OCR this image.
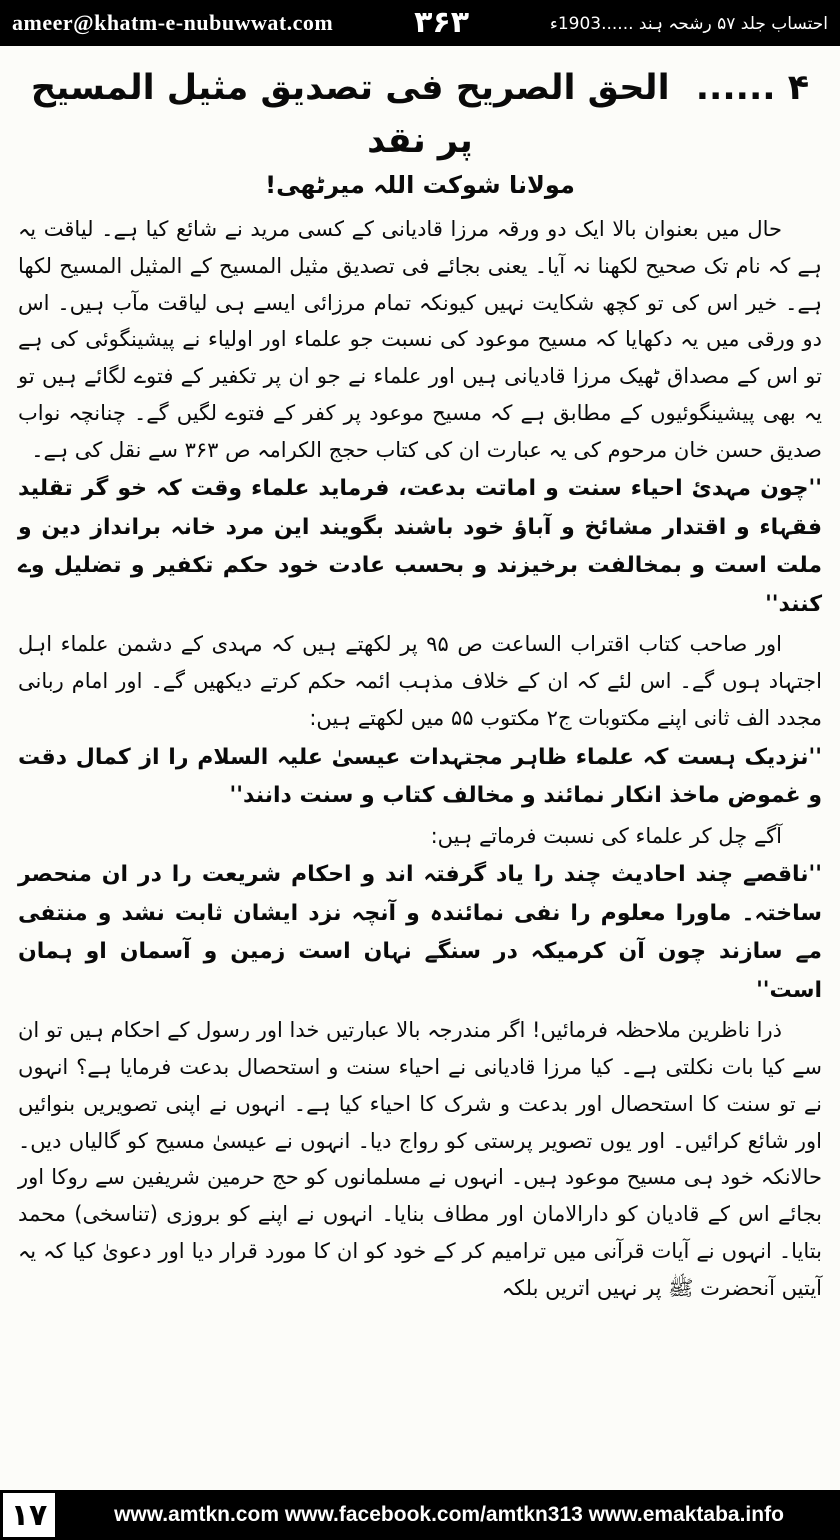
ameer@khatm-e-nubuwwat.com	۳۶۳	احتساب جلد ۵۷ رشحہ ہند ......1903ء
۴ ...... الحق الصریح فی تصدیق مثیل المسیح پر نقد
مولانا شوکت اللہ میرٹھی!

حال میں بعنوان بالا ایک دو ورقہ مرزا قادیانی کے کسی مرید نے شائع کیا ہے۔ لیاقت یہ ہے کہ نام تک صحیح لکھنا نہ آیا۔ یعنی بجائے فی تصدیق مثیل المسیح کے المثیل المسیح لکھا ہے۔ خیر اس کی تو کچھ شکایت نہیں کیونکہ تمام مرزائی ایسے ہی لیاقت مآب ہیں۔ اس دو ورقی میں یہ دکھایا کہ مسیح موعود کی نسبت جو علماء اور اولیاء نے پیشینگوئی کی ہے تو اس کے مصداق ٹھیک مرزا قادیانی ہیں اور علماء نے جو ان پر تکفیر کے فتوے لگائے ہیں تو یہ بھی پیشینگوئیوں کے مطابق ہے کہ مسیح موعود پر کفر کے فتوے لگیں گے۔ چنانچہ نواب صدیق حسن خان مرحوم کی یہ عبارت ان کی کتاب حجج الکرامہ ص ۳۶۳ سے نقل کی ہے۔

''چون مہدیٔ احیاء سنت و اماتت بدعت، فرماید علماء وقت کہ خو گر تقلید فقہاء و اقتدار مشائخ و آباؤ خود باشند بگویند این مرد خانہ برانداز دین و ملت است و بمخالفت برخیزند و بحسب عادت خود حکم تکفیر و تضلیل وے کنند''

اور صاحب کتاب اقتراب الساعت ص ۹۵ پر لکھتے ہیں کہ مہدی کے دشمن علماء اہل اجتہاد ہوں گے۔ اس لئے کہ ان کے خلاف مذہب ائمہ حکم کرتے دیکھیں گے۔ اور امام ربانی مجدد الف ثانی اپنے مکتوبات ج۲ مکتوب ۵۵ میں لکھتے ہیں:

''نزدیک ہست کہ علماء ظاہر مجتہدات عیسیٰ علیہ السلام را از کمال دقت و غموض ماخذ انکار نمائند و مخالف کتاب و سنت دانند''

آگے چل کر علماء کی نسبت فرماتے ہیں:

''ناقصے چند احادیث چند را یاد گرفتہ اند و احکام شریعت را در ان منحصر ساختہ۔ ماورا معلوم را نفی نمائندہ و آنچہ نزد ایشان ثابت نشد و منتفی مے سازند چون آن کرمیکہ در سنگے نہان است زمین و آسمان او ہمان است''

ذرا ناظرین ملاحظہ فرمائیں! اگر مندرجہ بالا عبارتیں خدا اور رسول کے احکام ہیں تو ان سے کیا بات نکلتی ہے۔ کیا مرزا قادیانی نے احیاء سنت و استحصال بدعت فرمایا ہے؟ انہوں نے تو سنت کا استحصال اور بدعت و شرک کا احیاء کیا ہے۔ انہوں نے اپنی تصویریں بنوائیں اور شائع کرائیں۔ اور یوں تصویر پرستی کو رواج دیا۔ انہوں نے عیسیٰ مسیح کو گالیاں دیں۔ حالانکہ خود ہی مسیح موعود ہیں۔ انہوں نے مسلمانوں کو حج حرمین شریفین سے روکا اور بجائے اس کے قادیان کو دارالامان اور مطاف بنایا۔ انہوں نے اپنے کو بروزی (تناسخی) محمد بتایا۔ انہوں نے آیات قرآنی میں ترامیم کر کے خود کو ان کا مورد قرار دیا اور دعویٰ کیا کہ یہ آیتیں آنحضرت ﷺ پر نہیں اتریں بلکہ

۱۷	www.amtkn.com www.facebook.com/amtkn313 www.emaktaba.info
